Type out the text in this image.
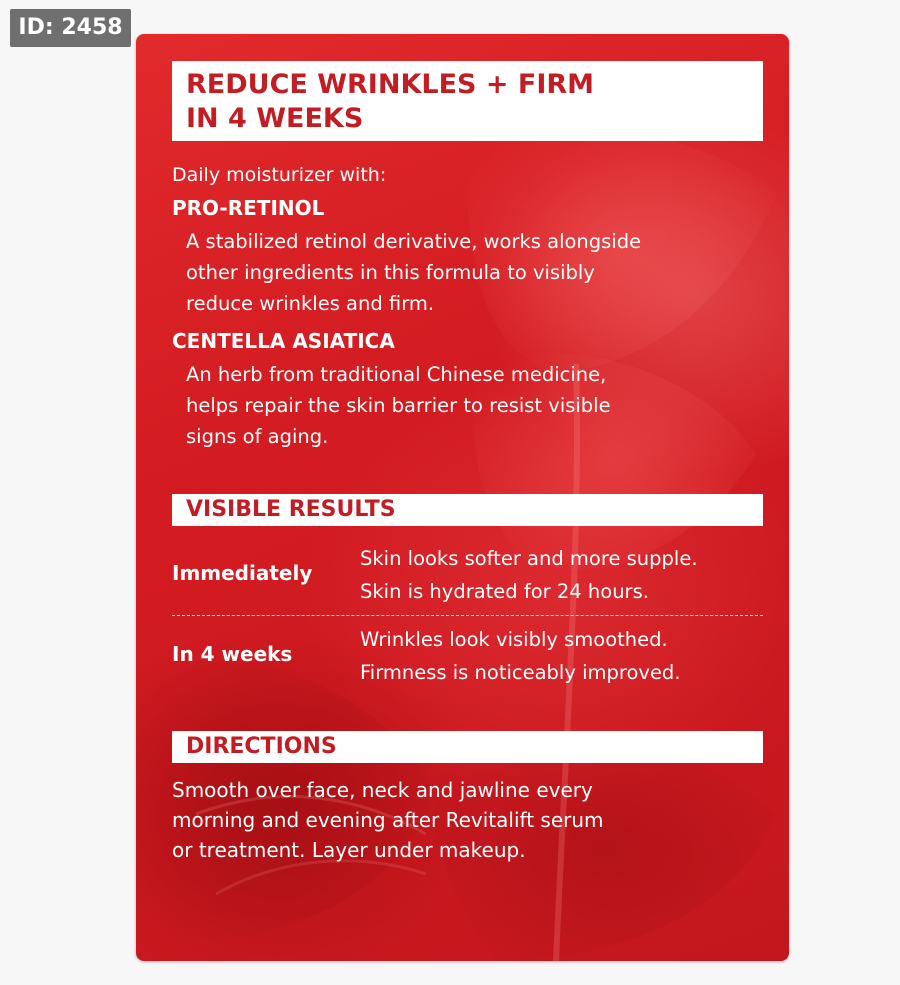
ID: 2458
REDUCE WRINKLES + FIRM
IN 4 WEEKS

Daily moisturizer with:

PRO-RETINOL

A stabilized retinol derivative, works alongside
other ingredients in this formula to visibly
reduce wrinkles and firm.

CENTELLA ASIATICA

An herb from traditional Chinese medicine,
helps repair the skin barrier to resist visible
signs of aging.

VISIBLE RESULTS

Immediately

Skin looks softer and more supple.
Skin is hydrated for 24 hours.

In 4 weeks

Wrinkles look visibly smoothed.
Firmness is noticeably improved.

DIRECTIONS

Smooth over face, neck and jawline every
morning and evening after Revitalift serum
or treatment. Layer under makeup.
